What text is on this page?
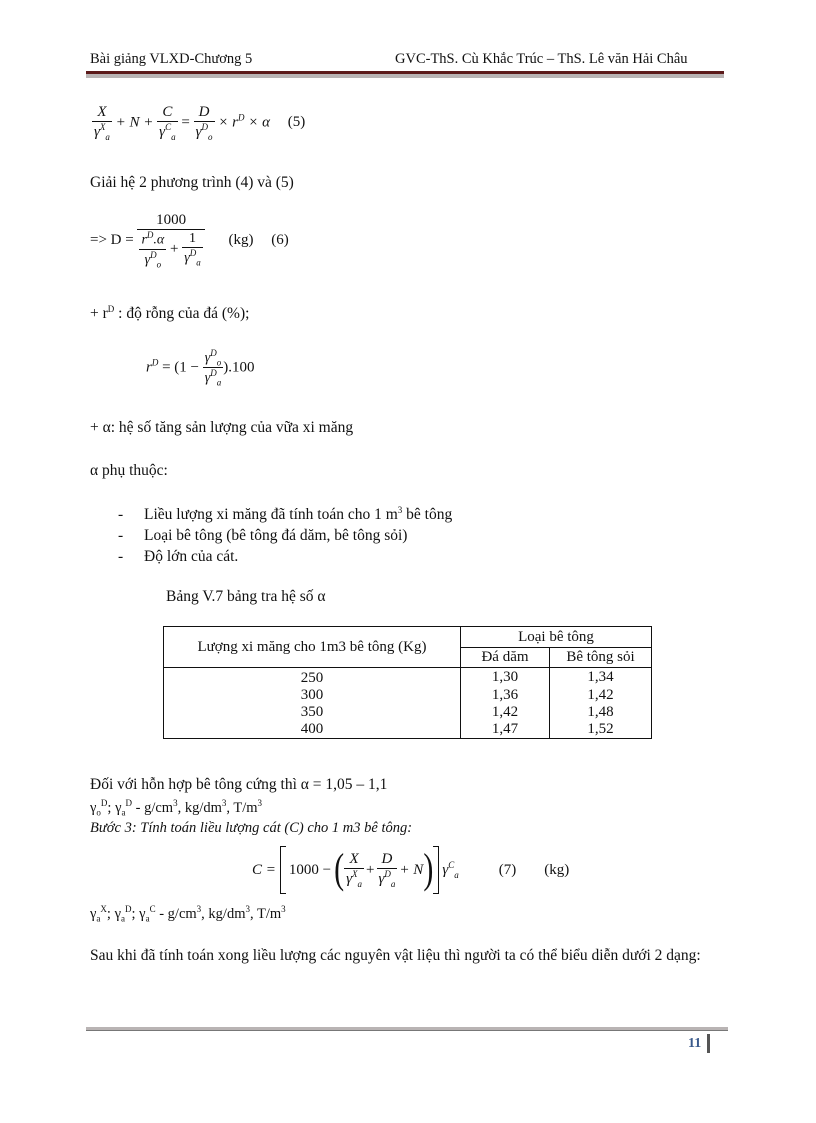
Bài giảng VLXD-Chương 5	GVC-ThS. Cù Khắc Trúc – ThS. Lê văn Hải Châu
$\frac{X}{\gamma^X_a} + N + \frac{C}{\gamma^C_a} = \frac{D}{\gamma^D_o} \times r^D \times \alpha$ (5)
Giải hệ 2 phương trình (4) và (5)
=> $D = \frac{1000}{\frac{r^D.\alpha}{\gamma^D_o} + \frac{1}{\gamma^D_a}} (kg)$ (6)
+ $r^D$ : độ rỗng của đá (%);
$r^D = (1 - \frac{\gamma^D_o}{\gamma^D_a} ).100$
+ α: hệ số tăng sản lượng của vữa xi măng
α phụ thuộc:
- Liều lượng xi măng đã tính toán cho 1 $m^3$ bê tông
- Loại bê tông (bê tông đá dăm, bê tông sỏi)
- Độ lớn của cát.
Bảng V.7 bảng tra hệ số α
Lượng xi măng cho 1m3 bê tông (Kg)	Loại bê tông	
	Đá dăm	Bê tông sỏi
250	1,30	1,34
300	1,36	1,42
350	1,42	1,48
400	1,47	1,52
Đối với hỗn hợp bê tông cứng thì α = 1,05 – 1,1
$\gamma_o^D$; $\gamma_a^D - g/cm^3$, $kg/dm^3$, $T/m^3$
Bước 3: Tính toán liều lượng cát (C) cho 1 m3 bê tông:
C = 1000 − ( $\frac{X}{\gamma^X_a} + \frac{D}{\gamma^D_a} + N$ ) $\gamma^C_a$	(7) (kg)
$\gamma_a^X$; $\gamma_a^D$; $\gamma_a^C - g/cm^3$, $kg/dm^3$, $T/m^3$
Sau khi đã tính toán xong liều lượng các nguyên vật liệu thì người ta có thể biểu diễn dưới 2 dạng:
11
